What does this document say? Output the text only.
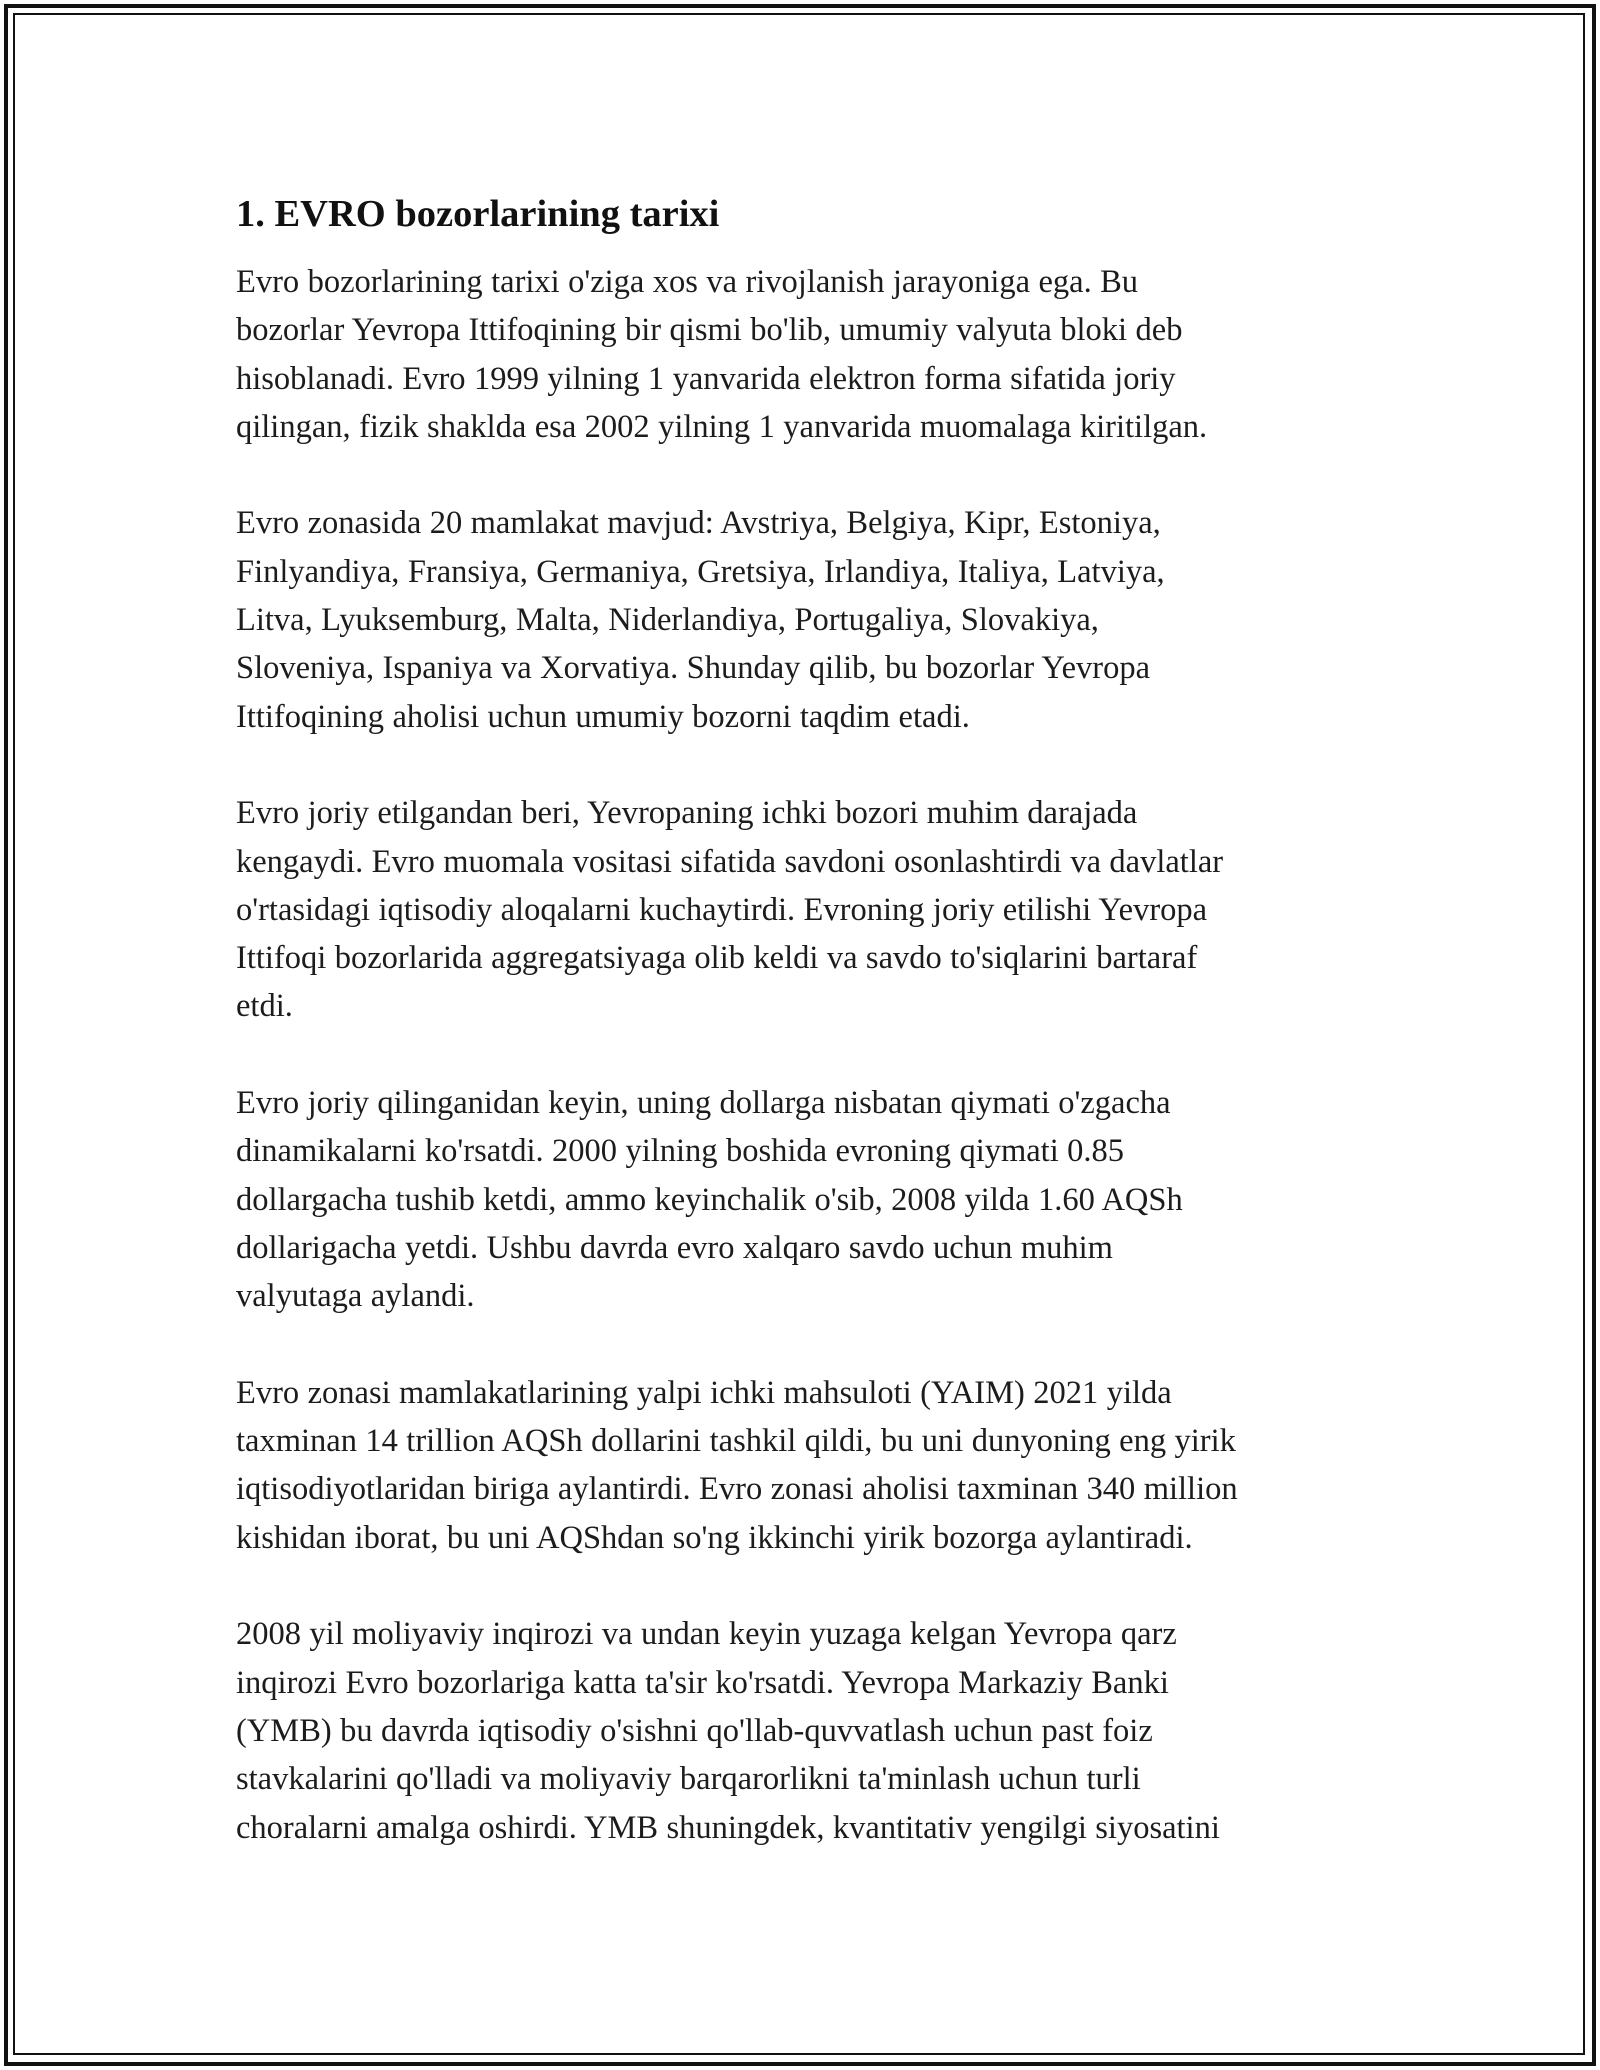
1. EVRO bozorlarining tarixi

Evro bozorlarining tarixi o'ziga xos va rivojlanish jarayoniga ega. Bu
bozorlar Yevropa Ittifoqining bir qismi bo'lib, umumiy valyuta bloki deb
hisoblanadi. Evro 1999 yilning 1 yanvarida elektron forma sifatida joriy
qilingan, fizik shaklda esa 2002 yilning 1 yanvarida muomalaga kiritilgan.

Evro zonasida 20 mamlakat mavjud: Avstriya, Belgiya, Kipr, Estoniya,
Finlyandiya, Fransiya, Germaniya, Gretsiya, Irlandiya, Italiya, Latviya,
Litva, Lyuksemburg, Malta, Niderlandiya, Portugaliya, Slovakiya,
Sloveniya, Ispaniya va Xorvatiya. Shunday qilib, bu bozorlar Yevropa
Ittifoqining aholisi uchun umumiy bozorni taqdim etadi.

Evro joriy etilgandan beri, Yevropaning ichki bozori muhim darajada
kengaydi. Evro muomala vositasi sifatida savdoni osonlashtirdi va davlatlar
o'rtasidagi iqtisodiy aloqalarni kuchaytirdi. Evroning joriy etilishi Yevropa
Ittifoqi bozorlarida aggregatsiyaga olib keldi va savdo to'siqlarini bartaraf
etdi.

Evro joriy qilinganidan keyin, uning dollarga nisbatan qiymati o'zgacha
dinamikalarni ko'rsatdi. 2000 yilning boshida evroning qiymati 0.85
dollargacha tushib ketdi, ammo keyinchalik o'sib, 2008 yilda 1.60 AQSh
dollarigacha yetdi. Ushbu davrda evro xalqaro savdo uchun muhim
valyutaga aylandi.

Evro zonasi mamlakatlarining yalpi ichki mahsuloti (YAIM) 2021 yilda
taxminan 14 trillion AQSh dollarini tashkil qildi, bu uni dunyoning eng yirik
iqtisodiyotlaridan biriga aylantirdi. Evro zonasi aholisi taxminan 340 million
kishidan iborat, bu uni AQShdan so'ng ikkinchi yirik bozorga aylantiradi.

2008 yil moliyaviy inqirozi va undan keyin yuzaga kelgan Yevropa qarz
inqirozi Evro bozorlariga katta ta'sir ko'rsatdi. Yevropa Markaziy Banki
(YMB) bu davrda iqtisodiy o'sishni qo'llab-quvvatlash uchun past foiz
stavkalarini qo'lladi va moliyaviy barqarorlikni ta'minlash uchun turli
choralarni amalga oshirdi. YMB shuningdek, kvantitativ yengilgi siyosatini
